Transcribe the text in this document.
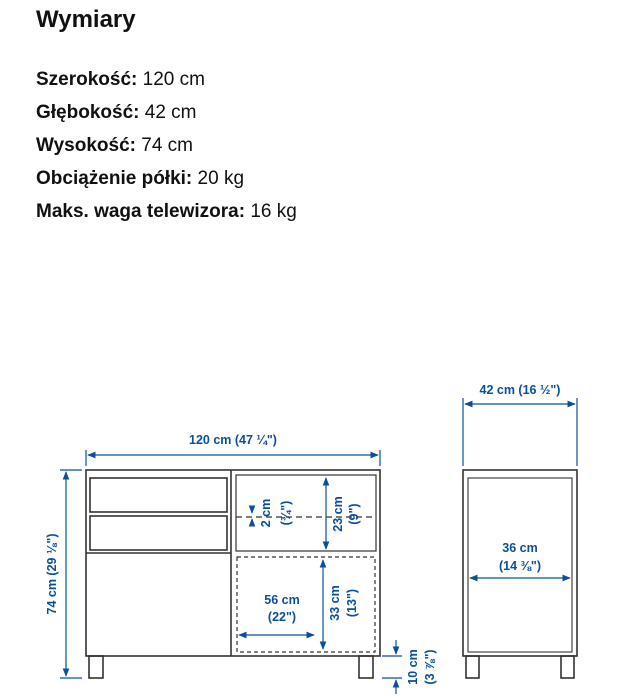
Wymiary
Szerokość: 120 cm
Głębokość: 42 cm
Wysokość: 74 cm
Obciążenie półki: 20 kg
Maks. waga telewizora: 16 kg
120 cm (47 ¼")
74 cm (29 ⅛")
2 cm (¾")	23 cm (9")
56 cm
(22")	33 cm (13")
10 cm (3 ⅞")
42 cm (16 ½")
36 cm
(14 ⅜")
